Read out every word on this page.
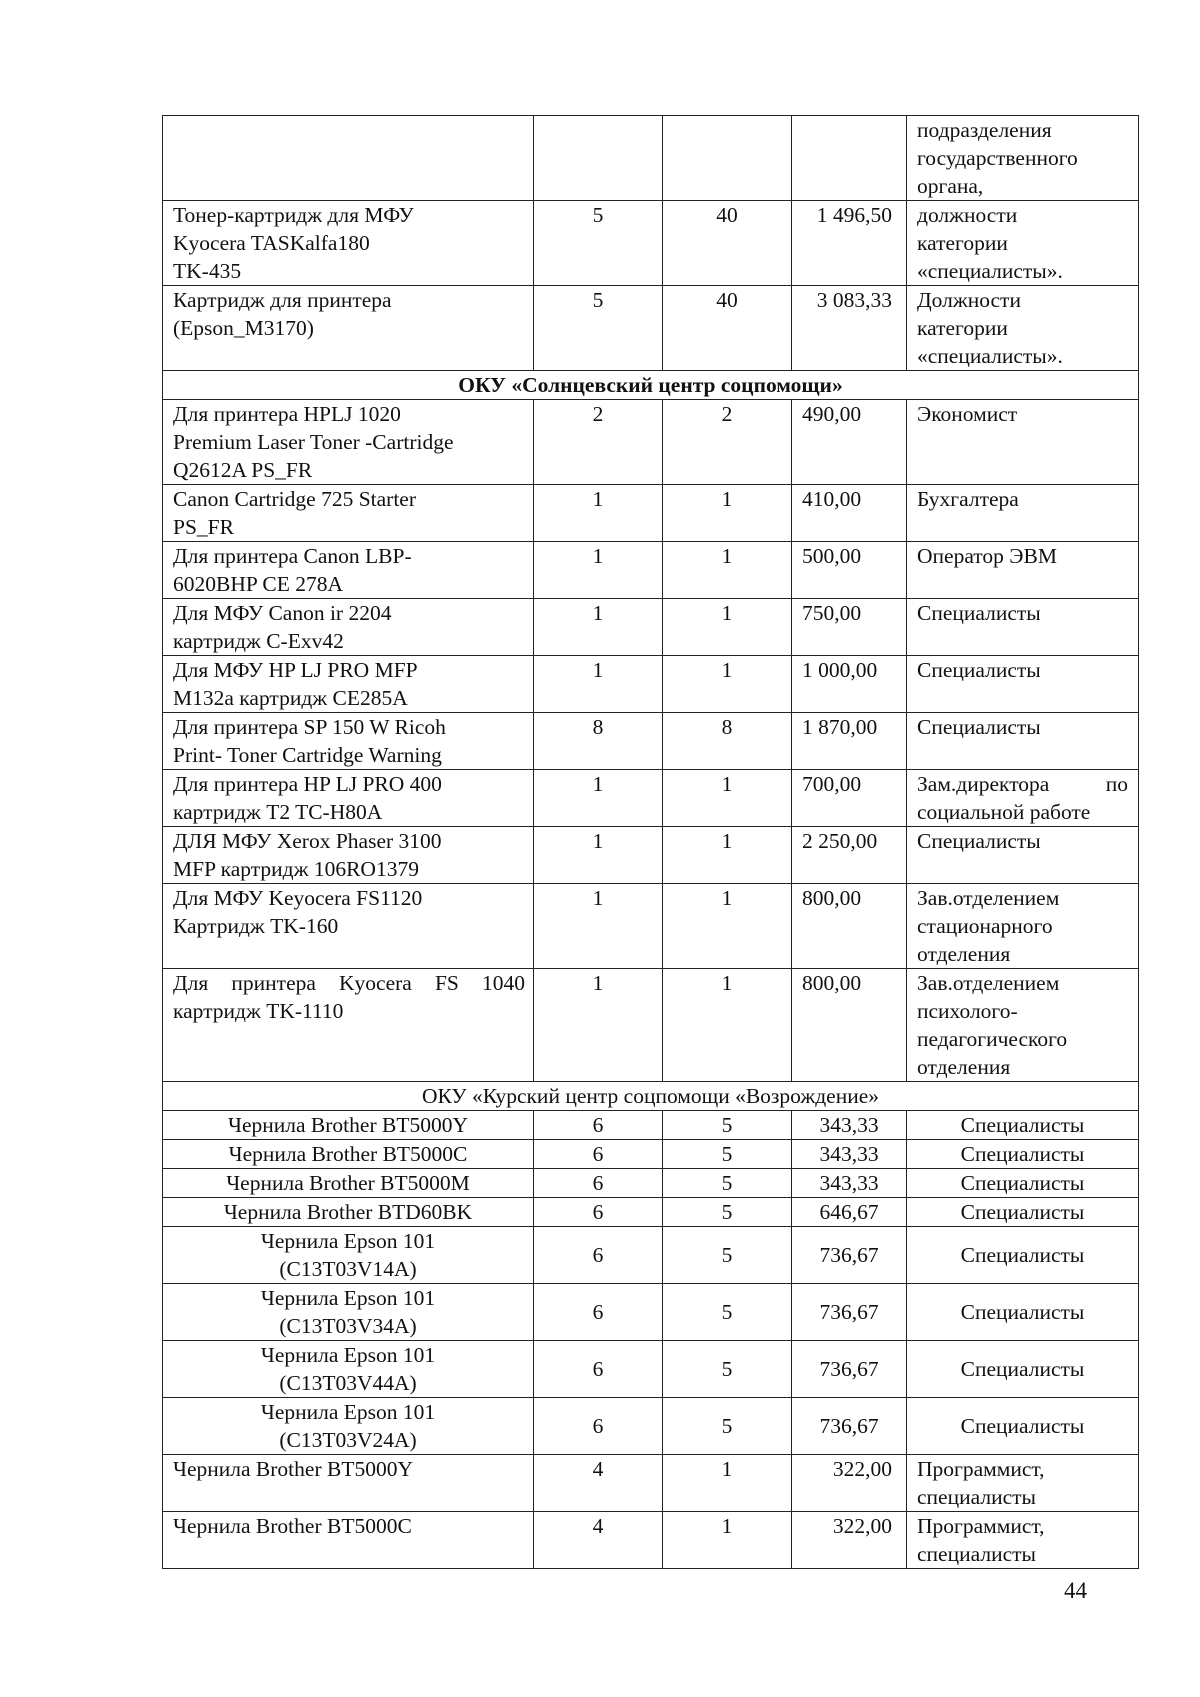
				подразделения
государственного
органа,

Тонер-картридж для МФУ
Kyocera TASKalfa180
TK-435	5	40	1 496,50	должности
категории
«специалисты».

Картридж для принтера
(Epson_M3170)	5	40	3 083,33	Должности
категории
«специалисты».

ОКУ «Солнцевский центр соцпомощи»				
Для принтера HPLJ 1020
Premium Laser Toner -Cartridge
Q2612A PS_FR	2	2	490,00	Экономист

Canon Cartridge 725 Starter
PS_FR	1	1	410,00	Бухгалтера

Для принтера Canon LBP-
6020BHP CE 278A	1	1	500,00	Оператор ЭВМ

Для МФУ Canon ir 2204
картридж C-Exv42	1	1	750,00	Специалисты

Для МФУ HP LJ PRO MFP
M132a картридж CE285A	1	1	1 000,00	Специалисты

Для принтера SP 150 W Ricoh
Print- Toner Cartridge Warning	8	8	1 870,00	Специалисты

Для принтера HP LJ PRO 400
картридж T2 TC-H80A	1	1	700,00	Зам.директора по
социальной работе

ДЛЯ МФУ Xerox Phaser 3100
MFP картридж 106RO1379	1	1	2 250,00	Специалисты

Для МФУ Keyocera FS1120
Картридж TK-160	1	1	800,00	Зав.отделением
стационарного
отделения

Для принтера Kyocera FS 1040 картридж TK-1110	1	1	800,00	Зав.отделением
психолого-
педагогического
отделения

ОКУ «Курский центр соцпомощи «Возрождение»				
Чернила Brother BT5000Y	6	5	343,33	Специалисты
Чернила Brother BT5000C	6	5	343,33	Специалисты
Чернила Brother BT5000M	6	5	343,33	Специалисты
Чернила Brother BTD60BK	6	5	646,67	Специалисты
Чернила Epson 101
(C13T03V14A)	6	5	736,67	Специалисты
Чернила Epson 101
(C13T03V34A)	6	5	736,67	Специалисты
Чернила Epson 101
(C13T03V44A)	6	5	736,67	Специалисты
Чернила Epson 101
(C13T03V24A)	6	5	736,67	Специалисты
Чернила Brother BT5000Y	4	1	322,00	Программист,
специалисты

Чернила Brother BT5000C	4	1	322,00	Программист,
специалисты
44
